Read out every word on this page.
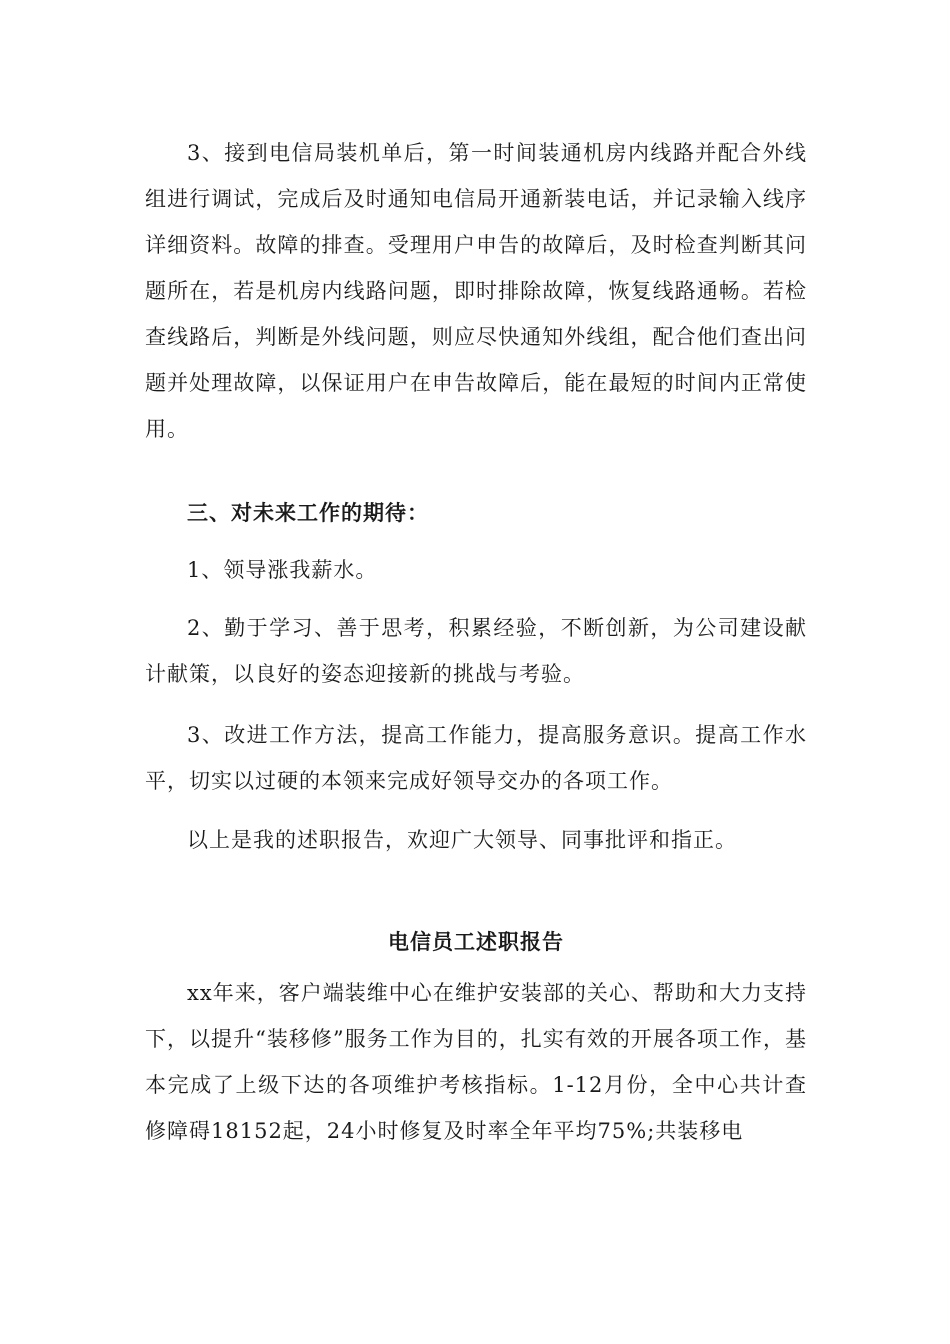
3、接到电信局装机单后，第一时间装通机房内线路并配合外线组进行调试，完成后及时通知电信局开通新装电话，并记录输入线序详细资料。故障的排查。受理用户申告的故障后，及时检查判断其问题所在，若是机房内线路问题，即时排除故障，恢复线路通畅。若检查线路后，判断是外线问题，则应尽快通知外线组，配合他们查出问题并处理故障，以保证用户在申告故障后，能在最短的时间内正常使用。

三、对未来工作的期待：

1、领导涨我薪水。

2、勤于学习、善于思考，积累经验，不断创新，为公司建设献计献策，以良好的姿态迎接新的挑战与考验。

3、改进工作方法，提高工作能力，提高服务意识。提高工作水平，切实以过硬的本领来完成好领导交办的各项工作。

以上是我的述职报告，欢迎广大领导、同事批评和指正。

电信员工述职报告

xx年来，客户端装维中心在维护安装部的关心、帮助和大力支持下，以提升“装移修”服务工作为目的，扎实有效的开展各项工作，基本完成了上级下达的各项维护考核指标。1-12月份，全中心共计查修障碍18152起，24小时修复及时率全年平均75%;共装移电
